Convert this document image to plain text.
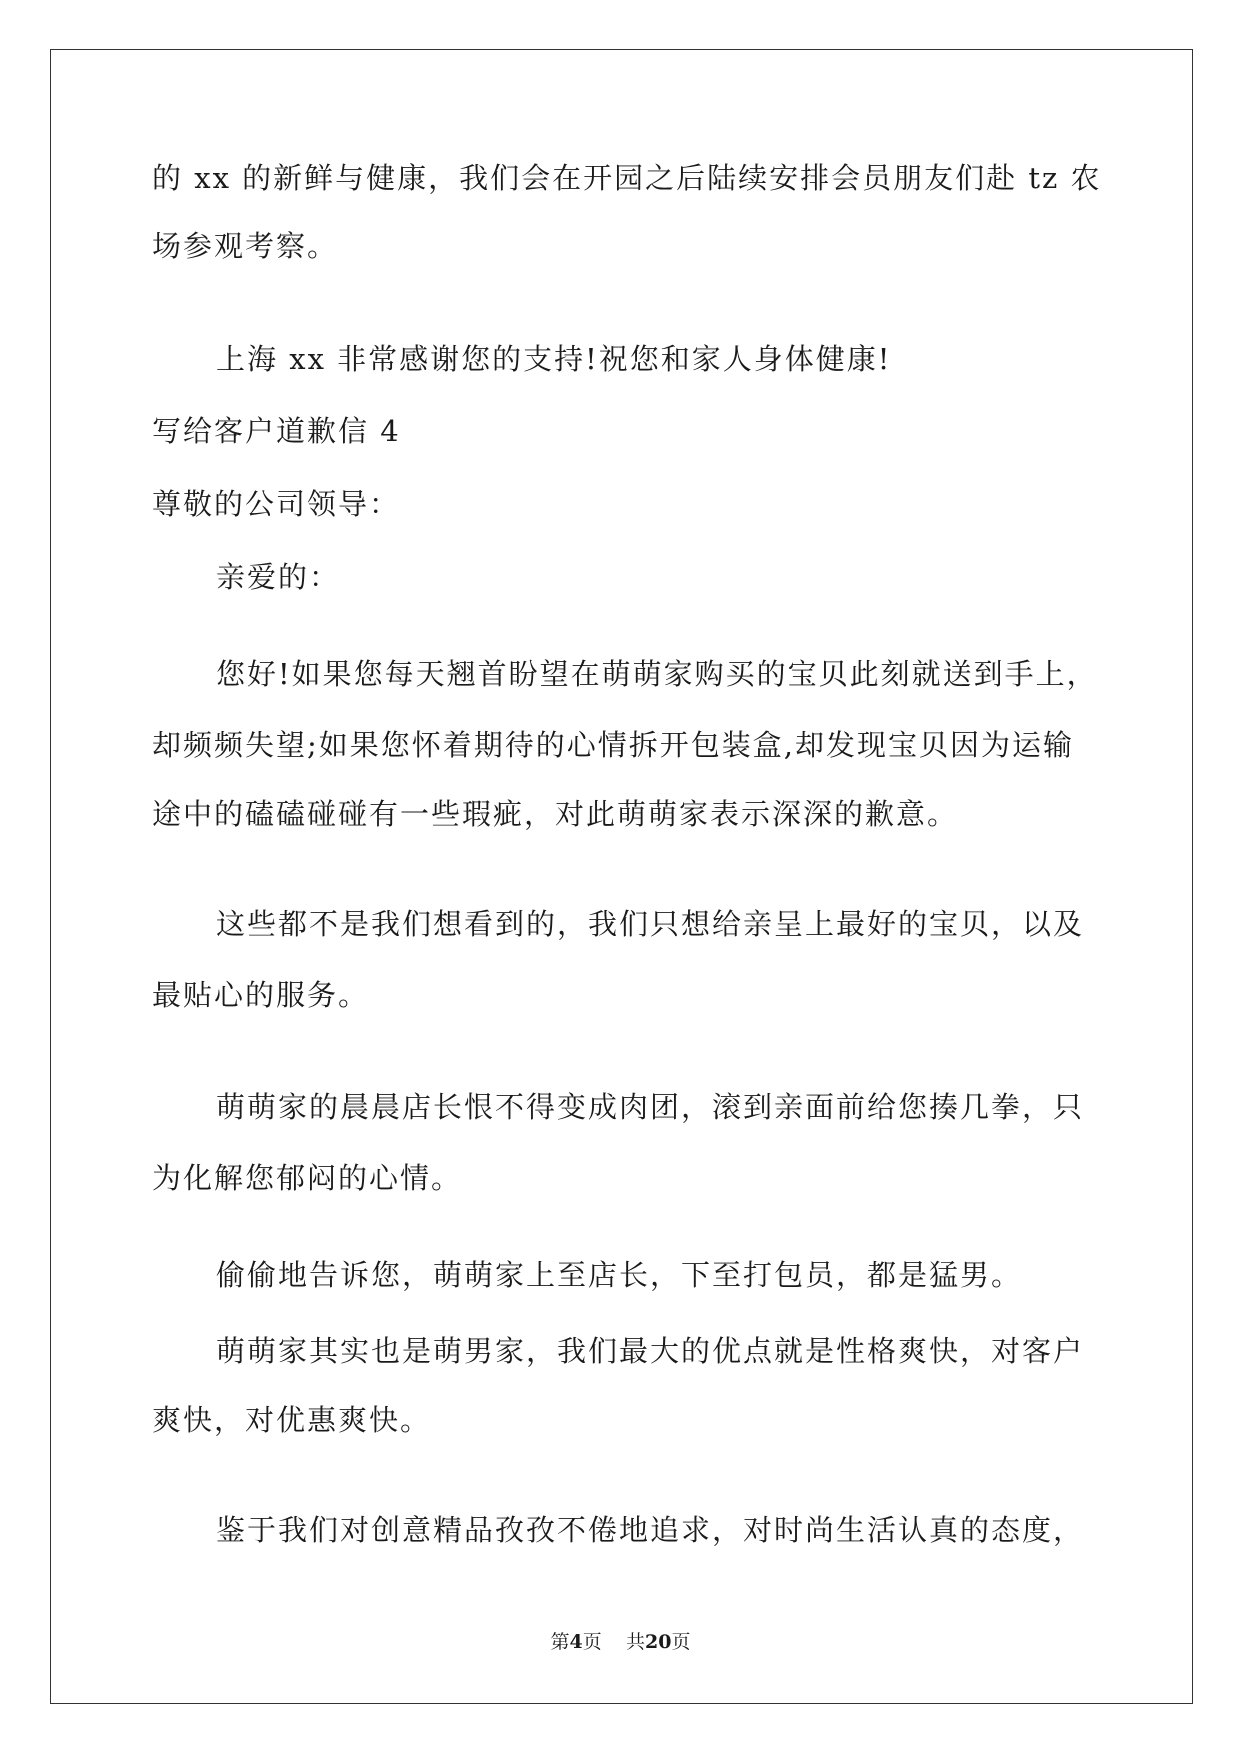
的 xx 的新鲜与健康，我们会在开园之后陆续安排会员朋友们赴 tz 农
场参观考察。
上海 xx 非常感谢您的支持!祝您和家人身体健康!
写给客户道歉信 4
尊敬的公司领导：
亲爱的：
您好!如果您每天翘首盼望在萌萌家购买的宝贝此刻就送到手上，
却频频失望;如果您怀着期待的心情拆开包装盒,却发现宝贝因为运输
途中的磕磕碰碰有一些瑕疵，对此萌萌家表示深深的歉意。
这些都不是我们想看到的，我们只想给亲呈上最好的宝贝，以及
最贴心的服务。
萌萌家的晨晨店长恨不得变成肉团，滚到亲面前给您揍几拳，只
为化解您郁闷的心情。
偷偷地告诉您，萌萌家上至店长，下至打包员，都是猛男。
萌萌家其实也是萌男家，我们最大的优点就是性格爽快，对客户
爽快，对优惠爽快。
鉴于我们对创意精品孜孜不倦地追求，对时尚生活认真的态度，
第4页 共20页
